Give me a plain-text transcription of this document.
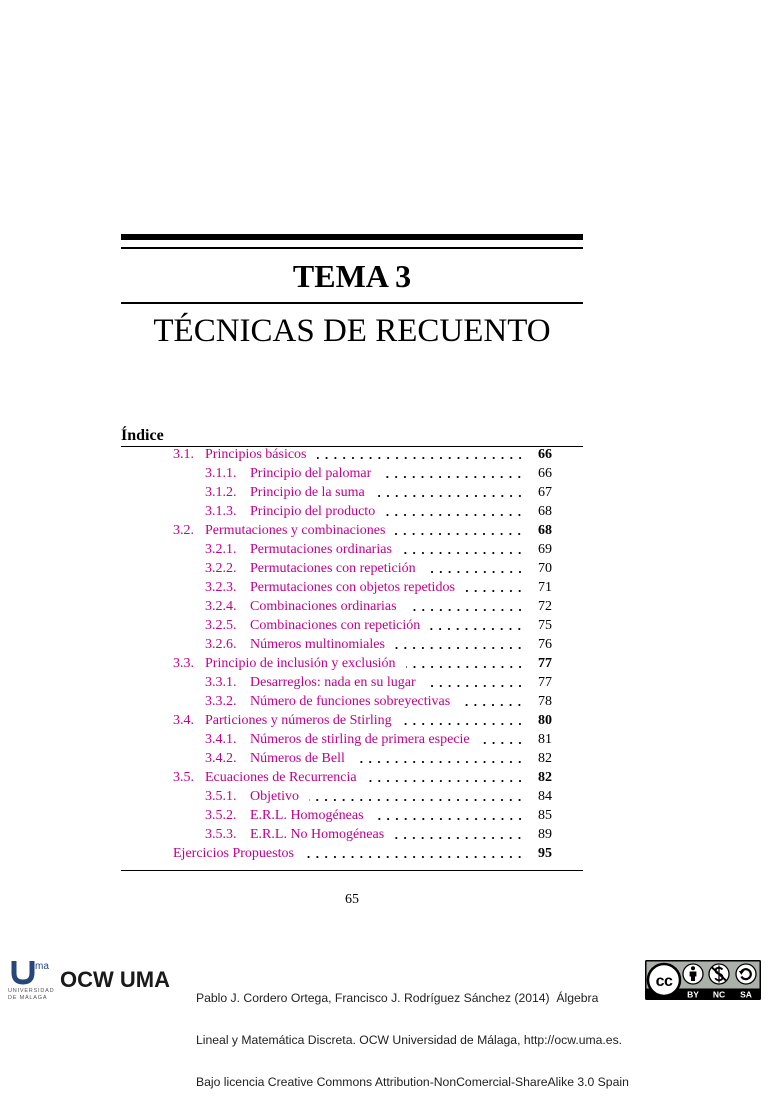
TEMA 3
TÉCNICAS DE RECUENTO
Índice
3.1. Principios básicos	66
3.1.1. Principio del palomar	66
3.1.2. Principio de la suma	67
3.1.3. Principio del producto	68
3.2. Permutaciones y combinaciones	68
3.2.1. Permutaciones ordinarias	69
3.2.2. Permutaciones con repetición	70
3.2.3. Permutaciones con objetos repetidos	71
3.2.4. Combinaciones ordinarias	72
3.2.5. Combinaciones con repetición	75
3.2.6. Números multinomiales	76
3.3. Principio de inclusión y exclusión	77
3.3.1. Desarreglos: nada en su lugar	77
3.3.2. Número de funciones sobreyectivas	78
3.4. Particiones y números de Stirling	80
3.4.1. Números de stirling de primera especie	81
3.4.2. Números de Bell	82
3.5. Ecuaciones de Recurrencia	82
3.5.1. Objetivo	84
3.5.2. E.R.L. Homogéneas	85
3.5.3. E.R.L. No Homogéneas	89
Ejercicios Propuestos	95
65
ma
UNIVERSIDAD
DE MÁLAGA
OCW UMA

Pablo J. Cordero Ortega, Francisco J. Rodríguez Sánchez (2014)  Álgebra

Lineal y Matemática Discreta. OCW Universidad de Málaga, http://ocw.uma.es.

Bajo licencia Creative Commons Attribution-NonComercial-ShareAlike 3.0 Spain

cc
BY NC SA
